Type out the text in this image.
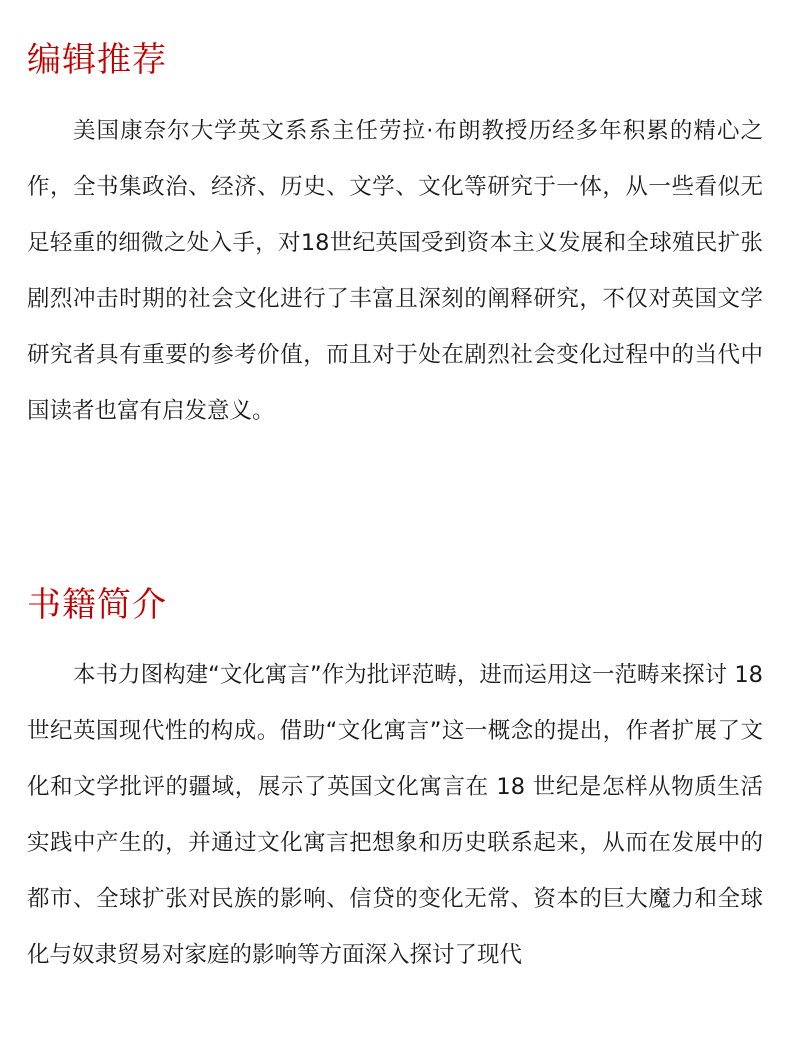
编辑推荐

美国康奈尔大学英文系系主任劳拉·布朗教授历经多年积累的精心之作，全书集政治、经济、历史、文学、文化等研究于一体，从一些看似无足轻重的细微之处入手，对18世纪英国受到资本主义发展和全球殖民扩张剧烈冲击时期的社会文化进行了丰富且深刻的阐释研究，不仅对英国文学研究者具有重要的参考价值，而且对于处在剧烈社会变化过程中的当代中国读者也富有启发意义。

书籍简介

本书力图构建“文化寓言”作为批评范畴，进而运用这一范畴来探讨 18 世纪英国现代性的构成。借助“文化寓言”这一概念的提出，作者扩展了文化和文学批评的疆域，展示了英国文化寓言在 18 世纪是怎样从物质生活实践中产生的，并通过文化寓言把想象和历史联系起来，从而在发展中的都市、全球扩张对民族的影响、信贷的变化无常、资本的巨大魔力和全球化与奴隶贸易对家庭的影响等方面深入探讨了现代
